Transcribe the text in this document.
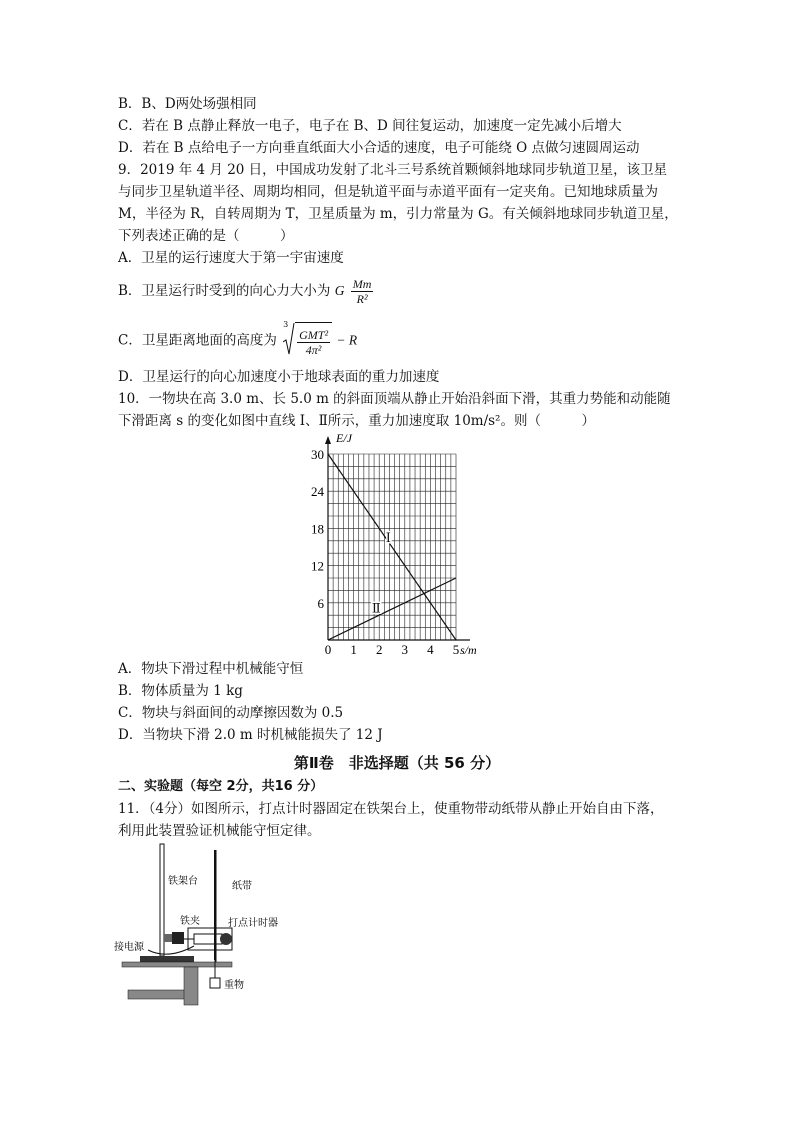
B．B、D两处场强相同
C．若在 B 点静止释放一电子，电子在 B、D 间往复运动，加速度一定先减小后增大
D．若在 B 点给电子一方向垂直纸面大小合适的速度，电子可能绕 O 点做匀速圆周运动
9．2019 年 4 月 20 日，中国成功发射了北斗三号系统首颗倾斜地球同步轨道卫星，该卫星
与同步卫星轨道半径、周期均相同，但是轨道平面与赤道平面有一定夹角。已知地球质量为
M，半径为 R，自转周期为 T，卫星质量为 m，引力常量为 G。有关倾斜地球同步轨道卫星，
下列表述正确的是（　　　）
A．卫星的运行速度大于第一宇宙速度
B．卫星运行时受到的向心力大小为 G $\frac{Mm}{\text{R²}}$
C．卫星距离地面的高度为
3
$\frac{\text{GMT²}}{\text{4π²}} - R$
D．卫星运行的向心加速度小于地球表面的重力加速度
10．一物块在高 3.0 m、长 5.0 m 的斜面顶端从静止开始沿斜面下滑，其重力势能和动能随
下滑距离 s 的变化如图中直线 Ⅰ、Ⅱ所示，重力加速度取 10m/s²。则（　　　）
0 1 2 3 4 5
6
12
18
24
30
Ⅰ
Ⅱ
E/J
s/m
A．物块下滑过程中机械能守恒
B．物体质量为 1 kg
C．物块与斜面间的动摩擦因数为 0.5
D．当物块下滑 2.0 m 时机械能损失了 12 J
第Ⅱ卷　非选择题（共 56 分）
二、实验题（每空 2分，共16 分）
11．（4分）如图所示，打点计时器固定在铁架台上，使重物带动纸带从静止开始自由下落，
利用此装置验证机械能守恒定律。
铁架台	纸带
铁夹	打点计时器
接电源
重物
